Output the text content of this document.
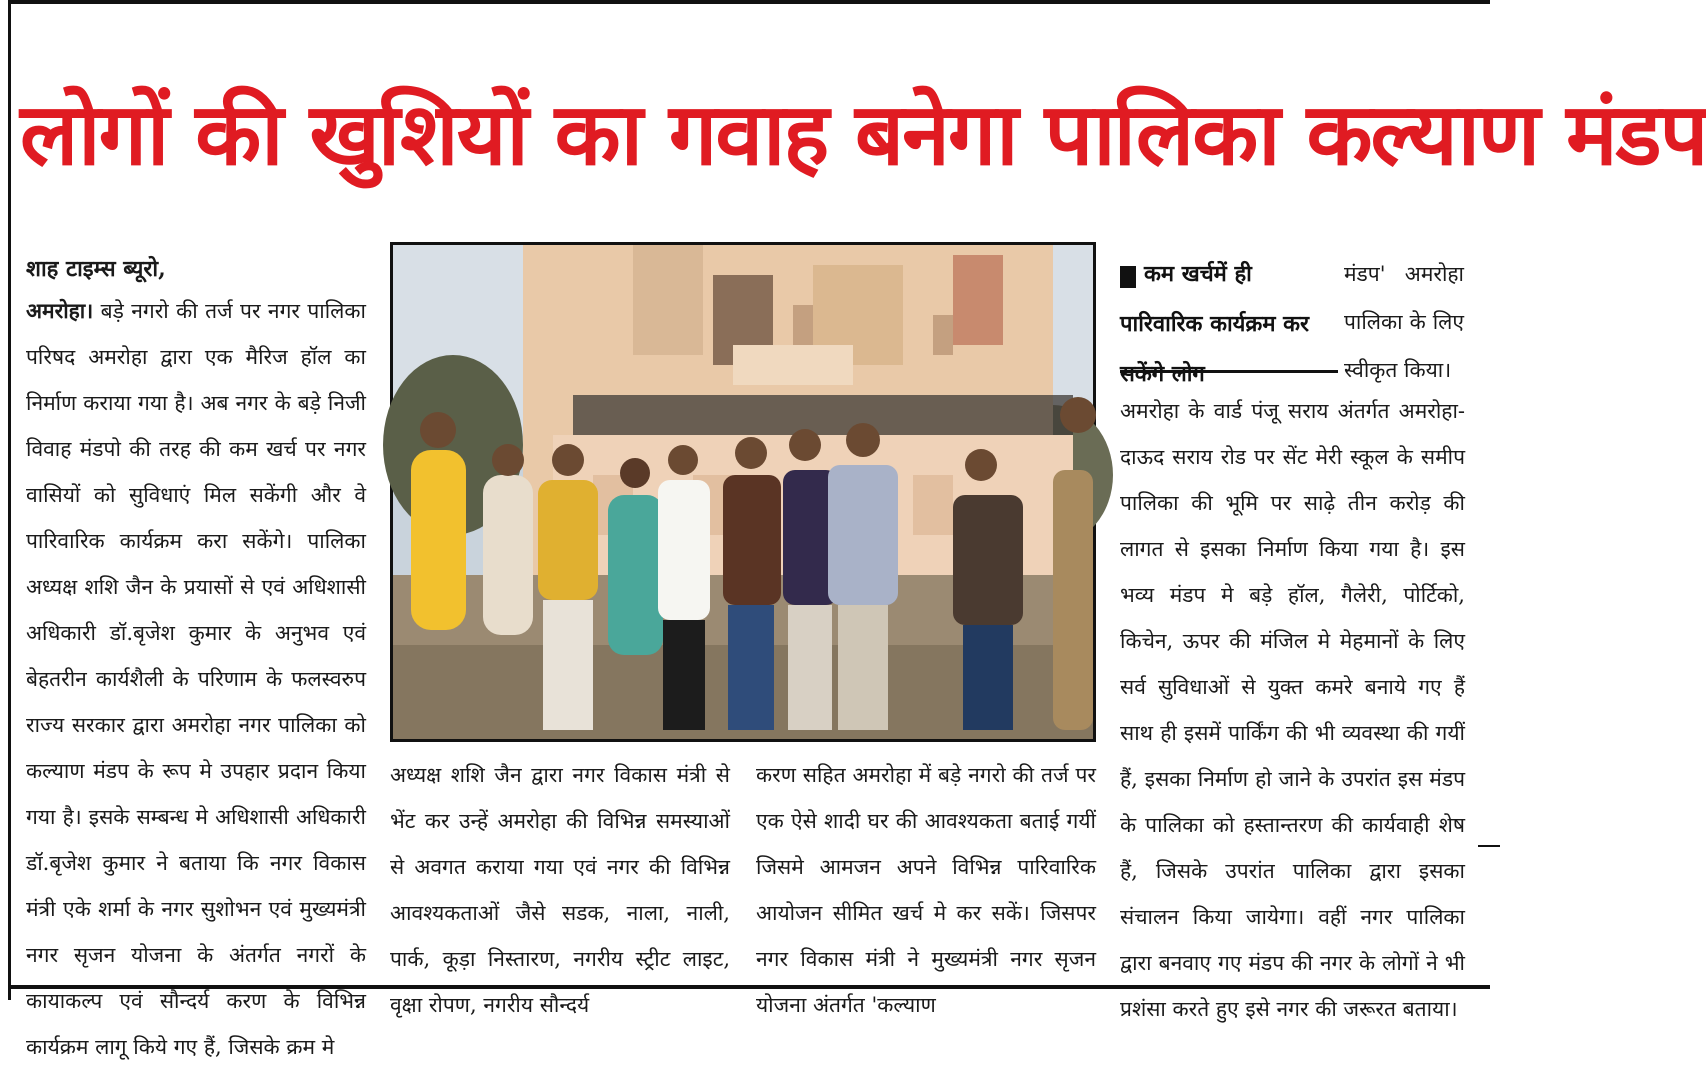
लोगों की खुशियों का गवाह बनेगा पालिका कल्याण मंडप
शाह टाइम्स ब्यूरो,

अमरोहा। बड़े नगरो की तर्ज पर नगर पालिका परिषद अमरोहा द्वारा एक मैरिज हॉल का निर्माण कराया गया है। अब नगर के बड़े निजी विवाह मंडपो की तरह की कम खर्च पर नगर वासियों को सुविधाएं मिल सकेंगी और वे पारिवारिक कार्यक्रम करा सकेंगे। पालिका अध्यक्ष शशि जैन के प्रयासों से एवं अधिशासी अधिकारी डॉ.बृजेश कुमार के अनुभव एवं बेहतरीन कार्यशैली के परिणाम के फलस्वरुप राज्य सरकार द्वारा अमरोहा नगर पालिका को कल्याण मंडप के रूप मे उपहार प्रदान किया गया है। इसके सम्बन्ध मे अधिशासी अधिकारी डॉ.बृजेश कुमार ने बताया कि नगर विकास मंत्री एके शर्मा के नगर सुशोभन एवं मुख्यमंत्री नगर सृजन योजना के अंतर्गत नगरों के कायाकल्प एवं सौन्दर्य करण के विभिन्न कार्यक्रम लागू किये गए हैं, जिसके क्रम मे

अध्यक्ष शशि जैन द्वारा नगर विकास मंत्री से भेंट कर उन्हें अमरोहा की विभिन्न समस्याओं से अवगत कराया गया एवं नगर की विभिन्न आवश्यकताओं जैसे सडक, नाला, नाली, पार्क, कूड़ा निस्तारण, नगरीय स्ट्रीट लाइट, वृक्षा रोपण, नगरीय सौन्दर्य

करण सहित अमरोहा में बड़े नगरो की तर्ज पर एक ऐसे शादी घर की आवश्यकता बताई गयीं जिसमे आमजन अपने विभिन्न पारिवारिक आयोजन सीमित खर्च मे कर सकें। जिसपर नगर विकास मंत्री ने मुख्यमंत्री नगर सृजन योजना अंतर्गत 'कल्याण

कम खर्चमें ही पारिवारिक कार्यक्रम कर सकेंगे लोग

मंडप' अमरोहा पालिका के लिए स्वीकृत किया।

अमरोहा के वार्ड पंजू सराय अंतर्गत अमरोहा-दाऊद सराय रोड पर सेंट मेरी स्कूल के समीप पालिका की भूमि पर साढ़े तीन करोड़ की लागत से इसका निर्माण किया गया है। इस भव्य मंडप मे बड़े हॉल, गैलेरी, पोर्टिको, किचेन, ऊपर की मंजिल मे मेहमानों के लिए सर्व सुविधाओं से युक्त कमरे बनाये गए हैं साथ ही इसमें पार्किंग की भी व्यवस्था की गयीं हैं, इसका निर्माण हो जाने के उपरांत इस मंडप के पालिका को हस्तान्तरण की कार्यवाही शेष हैं, जिसके उपरांत पालिका द्वारा इसका संचालन किया जायेगा। वहीं नगर पालिका द्वारा बनवाए गए मंडप की नगर के लोगों ने भी प्रशंसा करते हुए इसे नगर की जरूरत बताया।
